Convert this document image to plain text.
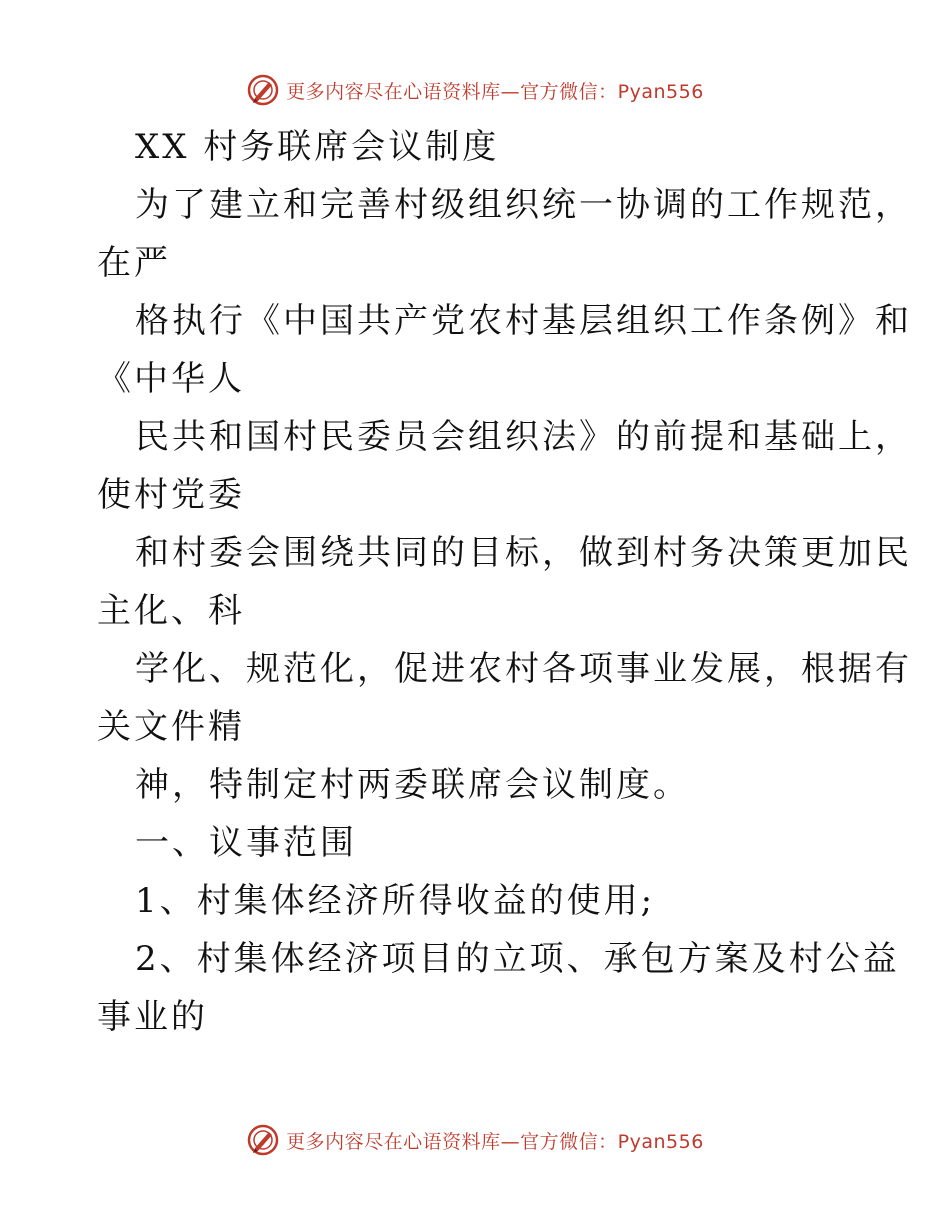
更多内容尽在心语资料库—官方微信：Pyan556
XX 村务联席会议制度
为了建立和完善村级组织统一协调的工作规范，
在严
格执行《中国共产党农村基层组织工作条例》和
《中华人
民共和国村民委员会组织法》的前提和基础上，
使村党委
和村委会围绕共同的目标，做到村务决策更加民
主化、科
学化、规范化，促进农村各项事业发展，根据有
关文件精
神，特制定村两委联席会议制度。
一、议事范围
1、村集体经济所得收益的使用;
2、村集体经济项目的立项、承包方案及村公益
事业的
更多内容尽在心语资料库—官方微信：Pyan556
